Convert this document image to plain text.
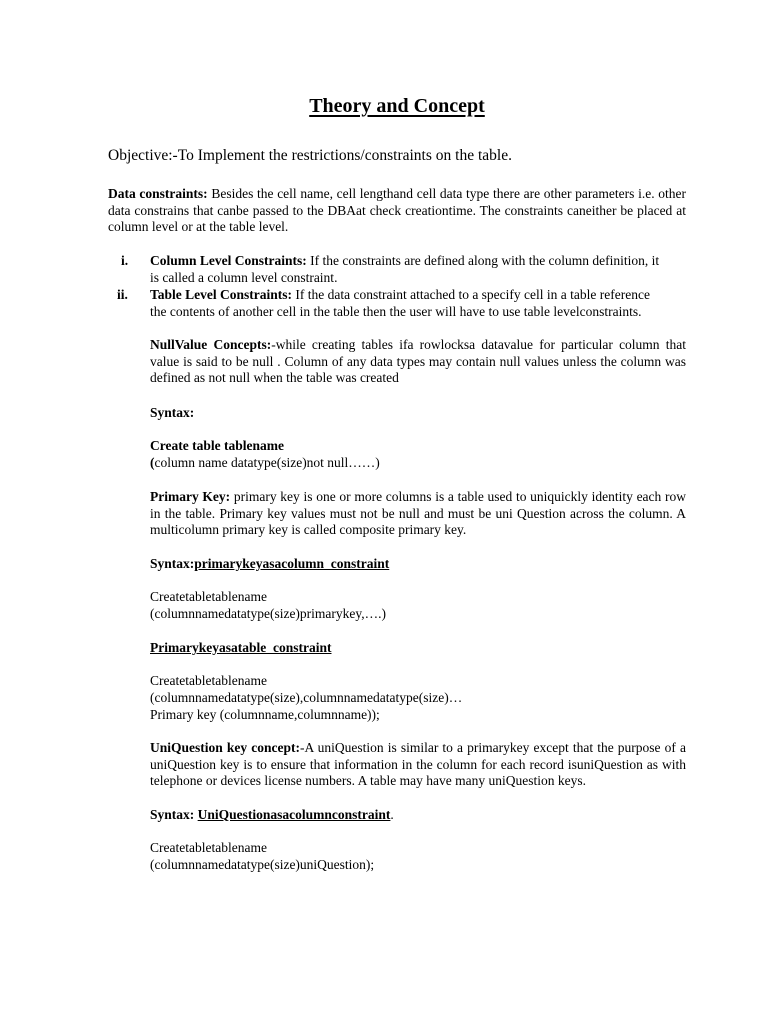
Theory and Concept
Objective:-To Implement the restrictions/constraints on the table.
Data constraints: Besides the cell name, cell lengthand cell data type there are other parameters i.e. other data constrains that canbe passed to the DBAat check creationtime. The constraints caneither be placed at column level or at the table level.
i. Column Level Constraints: If the constraints are defined along with the column definition, it
is called a column level constraint.
ii. Table Level Constraints: If the data constraint attached to a specify cell in a table reference
the contents of another cell in the table then the user will have to use table levelconstraints.
NullValue Concepts:-while creating tables ifa rowlocksa datavalue for particular column that value is said to be null . Column of any data types may contain null values unless the column was defined as not null when the table was created
Syntax:
Create table tablename
(column name datatype(size)not null……)
Primary Key: primary key is one or more columns is a table used to uniquickly identity each row in the table. Primary key values must not be null and must be uni Question across the column. A multicolumn primary key is called composite primary key.
Syntax:primarykeyasacolumn_constraint
Createtabletablename
(columnnamedatatype(size)primarykey,….)
Primarykeyasatable_constraint
Createtabletablename
(columnnamedatatype(size),columnnamedatatype(size)…
Primary key (columnname,columnname));
UniQuestion key concept:-A uniQuestion is similar to a primarykey except that the purpose of a uniQuestion key is to ensure that information in the column for each record isuniQuestion as with telephone or devices license numbers. A table may have many uniQuestion keys.
Syntax: UniQuestionasacolumnconstraint.
Createtabletablename
(columnnamedatatype(size)uniQuestion);
